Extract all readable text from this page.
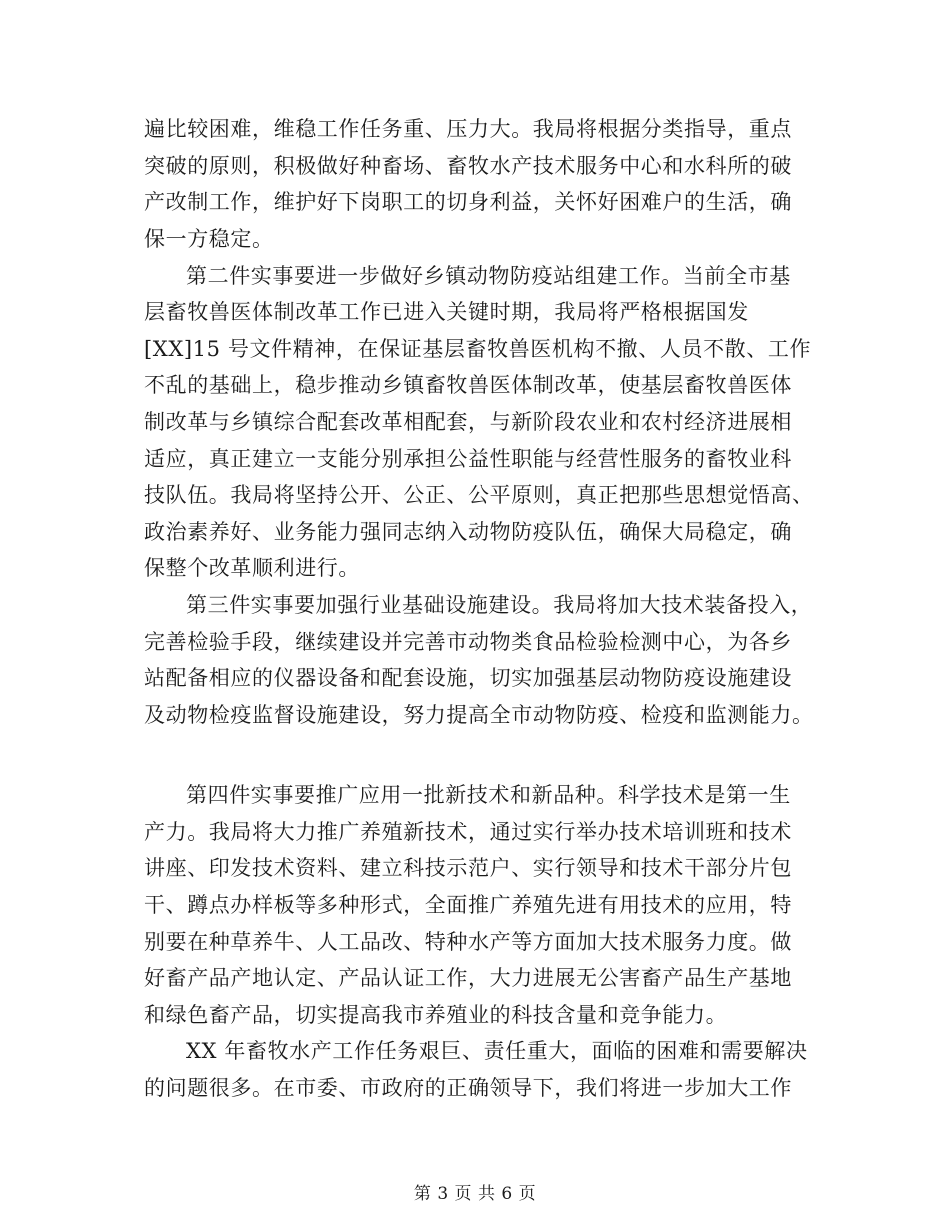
遍比较困难，维稳工作任务重、压力大。我局将根据分类指导，重点
突破的原则，积极做好种畜场、畜牧水产技术服务中心和水科所的破
产改制工作，维护好下岗职工的切身利益，关怀好困难户的生活，确
保一方稳定。
第二件实事要进一步做好乡镇动物防疫站组建工作。当前全市基
层畜牧兽医体制改革工作已进入关键时期，我局将严格根据国发
[XX]15 号文件精神，在保证基层畜牧兽医机构不撤、人员不散、工作
不乱的基础上，稳步推动乡镇畜牧兽医体制改革，使基层畜牧兽医体
制改革与乡镇综合配套改革相配套，与新阶段农业和农村经济进展相
适应，真正建立一支能分别承担公益性职能与经营性服务的畜牧业科
技队伍。我局将坚持公开、公正、公平原则，真正把那些思想觉悟高、
政治素养好、业务能力强同志纳入动物防疫队伍，确保大局稳定，确
保整个改革顺利进行。
第三件实事要加强行业基础设施建设。我局将加大技术装备投入，
完善检验手段，继续建设并完善市动物类食品检验检测中心，为各乡
站配备相应的仪器设备和配套设施，切实加强基层动物防疫设施建设
及动物检疫监督设施建设，努力提高全市动物防疫、检疫和监测能力。
第四件实事要推广应用一批新技术和新品种。科学技术是第一生
产力。我局将大力推广养殖新技术，通过实行举办技术培训班和技术
讲座、印发技术资料、建立科技示范户、实行领导和技术干部分片包
干、蹲点办样板等多种形式，全面推广养殖先进有用技术的应用，特
别要在种草养牛、人工品改、特种水产等方面加大技术服务力度。做
好畜产品产地认定、产品认证工作，大力进展无公害畜产品生产基地
和绿色畜产品，切实提高我市养殖业的科技含量和竞争能力。
XX 年畜牧水产工作任务艰巨、责任重大，面临的困难和需要解决
的问题很多。在市委、市政府的正确领导下，我们将进一步加大工作
第 3 页 共 6 页
